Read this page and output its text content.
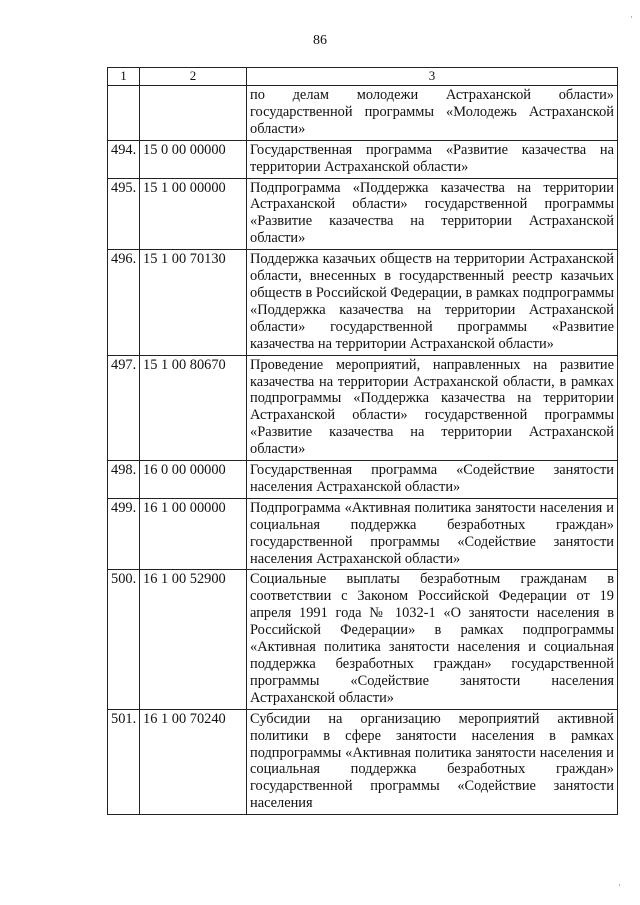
86
·
·
1	2	3
		по делам молодежи Астраханской области» государственной программы «Молодежь Астраханской области»
494.	15 0 00 00000	Государственная программа «Развитие казачества на территории Астраханской области»
495.	15 1 00 00000	Подпрограмма «Поддержка казачества на территории Астраханской области» государственной программы «Развитие казачества на территории Астраханской области»
496.	15 1 00 70130	Поддержка казачьих обществ на территории Астраханской области, внесенных в государственный реестр казачьих обществ в Российской Федерации, в рамках подпрограммы «Поддержка казачества на территории Астраханской области» государственной программы «Развитие казачества на территории Астраханской области»
497.	15 1 00 80670	Проведение мероприятий, направленных на развитие казачества на территории Астраханской области, в рамках подпрограммы «Поддержка казачества на территории Астраханской области» государственной программы «Развитие казачества на территории Астраханской области»
498.	16 0 00 00000	Государственная программа «Содействие занятости населения Астраханской области»
499.	16 1 00 00000	Подпрограмма «Активная политика занятости населения и социальная поддержка безработных граждан» государственной программы «Содействие занятости населения Астраханской области»
500.	16 1 00 52900	Социальные выплаты безработным гражданам в соответствии с Законом Российской Федерации от 19 апреля 1991 года № 1032-1 «О занятости населения в Российской Федерации» в рамках подпрограммы «Активная политика занятости населения и социальная поддержка безработных граждан» государственной программы «Содействие занятости населения Астраханской области»
501.	16 1 00 70240	Субсидии на организацию мероприятий активной политики в сфере занятости населения в рамках подпрограммы «Активная политика занятости населения и социальная поддержка безработных граждан» государственной программы «Содействие занятости населения
